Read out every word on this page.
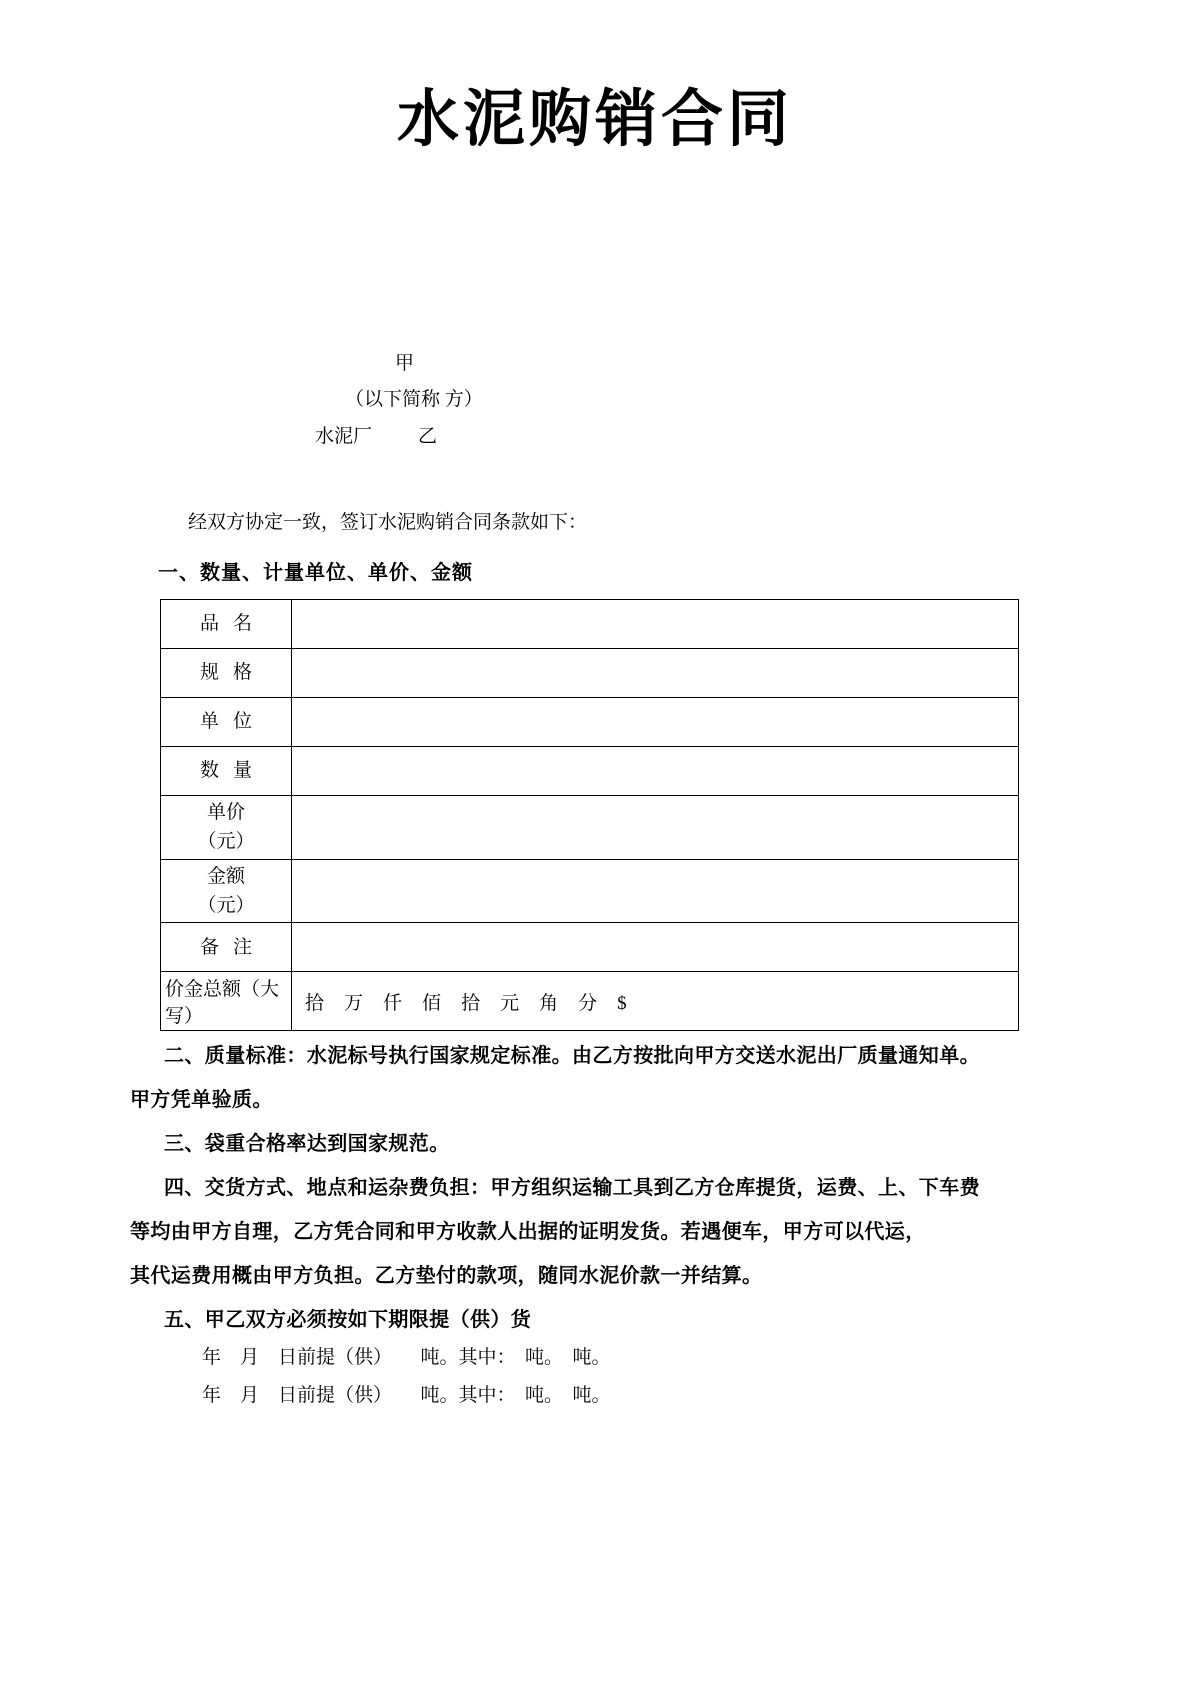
水泥购销合同
甲
（以下简称 方）
水泥厂 乙
经双方协定一致，签订水泥购销合同条款如下：
一、数量、计量单位、单价、金额
品 名	
规 格	
单 位	
数 量	
单价
（元）	
金额
（元）	
备 注	
价金总额（大写）	拾 万 仟 佰 拾 元 角 分 $
二、质量标准：水泥标号执行国家规定标准。由乙方按批向甲方交送水泥出厂质量通知单。
甲方凭单验质。
三、袋重合格率达到国家规范。
四、交货方式、地点和运杂费负担：甲方组织运输工具到乙方仓库提货，运费、上、下车费
等均由甲方自理，乙方凭合同和甲方收款人出据的证明发货。若遇便车，甲方可以代运，
其代运费用概由甲方负担。乙方垫付的款项，随同水泥价款一并结算。
五、甲乙双方必须按如下期限提（供）货
年　月　日前提（供）　　吨。其中：　吨。　吨。
年　月　日前提（供）　　吨。其中：　吨。　吨。
